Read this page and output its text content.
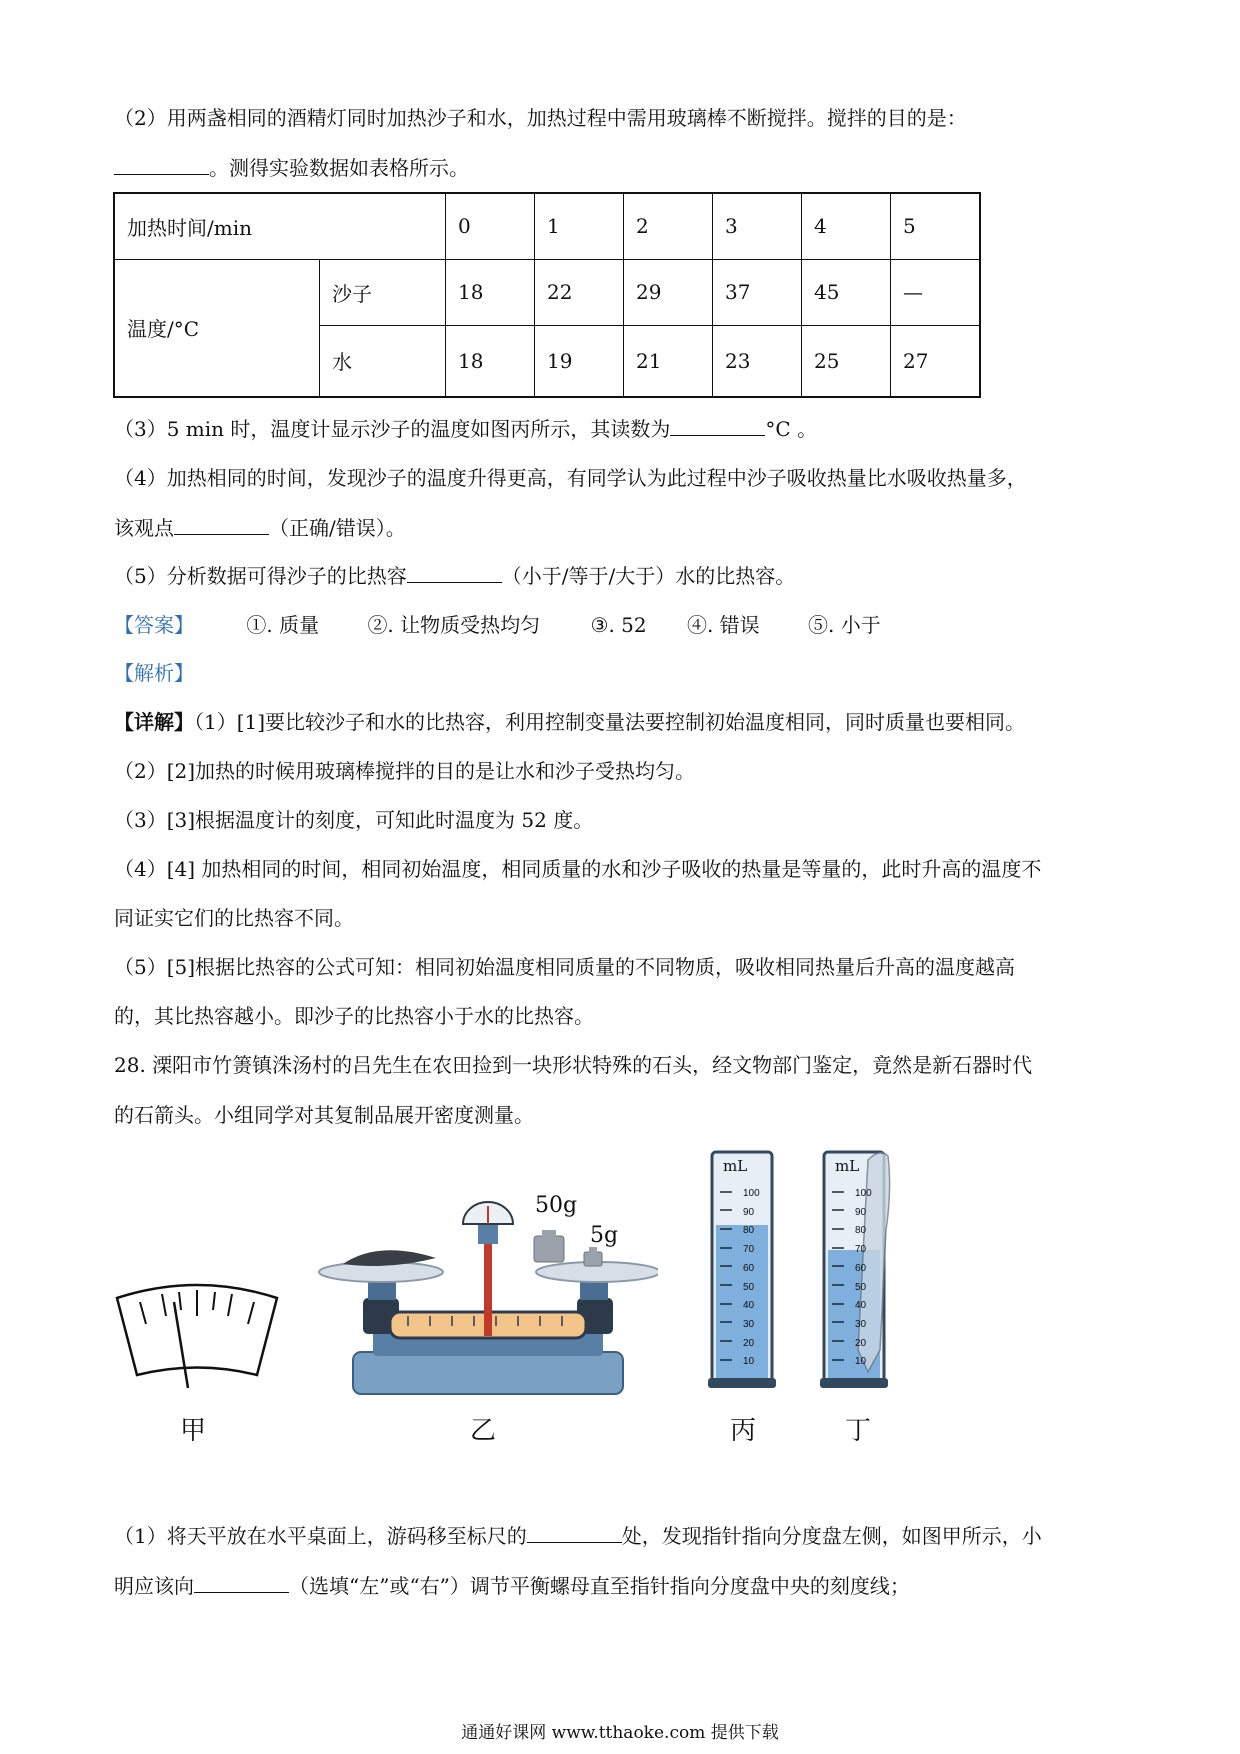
（2）用两盏相同的酒精灯同时加热沙子和水，加热过程中需用玻璃棒不断搅拌。搅拌的目的是：
。测得实验数据如表格所示。
加热时间/min		0	1	2	3	4	5
温度/°C	沙子	18	22	29	37	45	—
	水	18	19	21	23	25	27
（3）5 min 时，温度计显示沙子的温度如图丙所示，其读数为	°C 。
（4）加热相同的时间，发现沙子的温度升得更高，有同学认为此过程中沙子吸收热量比水吸收热量多，
该观点	（正确/错误）。
（5）分析数据可得沙子的比热容	（小于/等于/大于）水的比热容。
【答案】	①. 质量 ②. 让物质受热均匀	③. 52 ④. 错误 ⑤. 小于
【解析】
【详解】（1）[1]要比较沙子和水的比热容，利用控制变量法要控制初始温度相同，同时质量也要相同。
（2）[2]加热的时候用玻璃棒搅拌的目的是让水和沙子受热均匀。
（3）[3]根据温度计的刻度，可知此时温度为 52 度。
（4）[4] 加热相同的时间，相同初始温度，相同质量的水和沙子吸收的热量是等量的，此时升高的温度不
同证实它们的比热容不同。
（5）[5]根据比热容的公式可知：相同初始温度相同质量的不同物质，吸收相同热量后升高的温度越高
的，其比热容越小。即沙子的比热容小于水的比热容。
28. 溧阳市竹箦镇洙汤村的吕先生在农田捡到一块形状特殊的石头，经文物部门鉴定，竟然是新石器时代
的石箭头。小组同学对其复制品展开密度测量。
50g
5g
mL
100
90
80
70
60
50
40
30
20
10
mL
100
90
80
70
60
50
40
30
20
10
甲	乙	丙	丁
（1）将天平放在水平桌面上，游码移至标尺的	处，发现指针指向分度盘左侧，如图甲所示，小
明应该向	（选填“左”或“右”）调节平衡螺母直至指针指向分度盘中央的刻度线；
通通好课网 www.tthaoke.com 提供下载
